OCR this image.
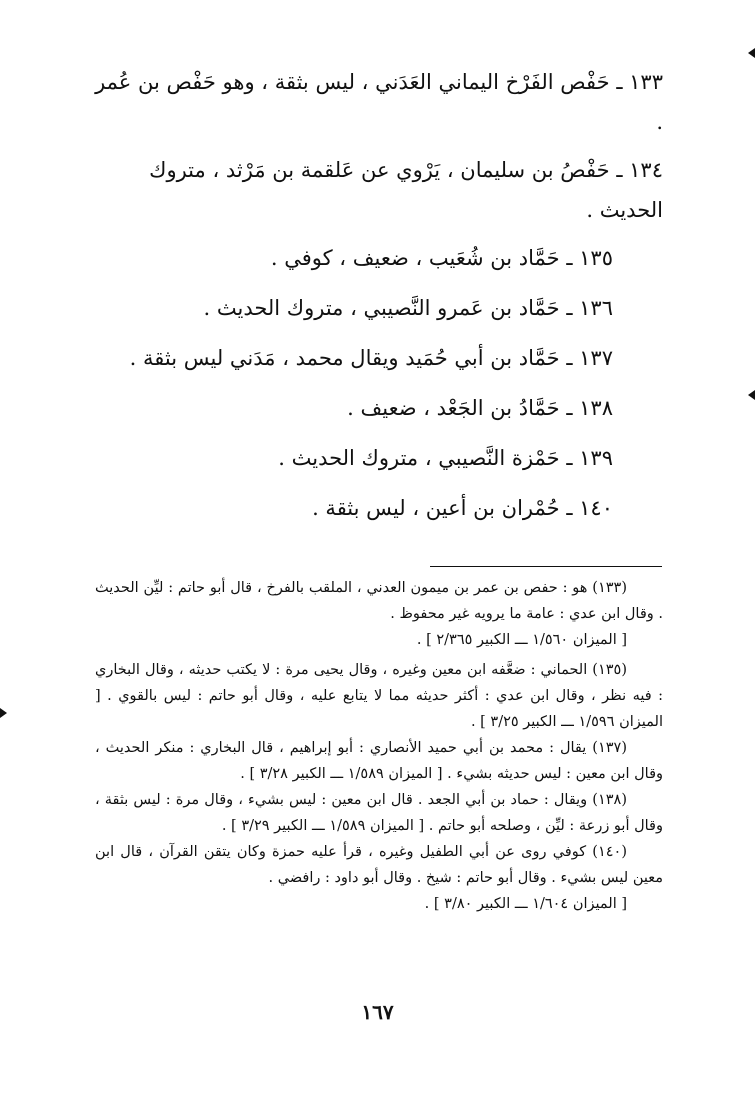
١٣٣ ـ حَفْص الفَرْخ اليماني العَدَني ، ليس بثقة ، وهو حَفْص بن عُمر .

١٣٤ ـ حَفْصُ بن سليمان ، يَرْوي عن عَلقمة بن مَرْثد ، متروك الحديث .

١٣٥ ـ حَمَّاد بن شُعَيب ، ضعيف ، كوفي .

١٣٦ ـ حَمَّاد بن عَمرو النَّصيبي ، متروك الحديث .

١٣٧ ـ حَمَّاد بن أبي حُمَيد ويقال محمد ، مَدَني ليس بثقة .

١٣٨ ـ حَمَّادُ بن الجَعْد ، ضعيف .

١٣٩ ـ حَمْزة النَّصيبي ، متروك الحديث .

١٤٠ ـ حُمْران بن أعين ، ليس بثقة .

(١٣٣) هو : حفص بن عمر بن ميمون العدني ، الملقب بالفرخ ، قال أبو حاتم : ليِّن الحديث . وقال ابن عدي : عامة ما يرويه غير محفوظ .

[ الميزان ١/٥٦٠ ـــ الكبير ٢/٣٦٥ ] .

(١٣٥) الحماني : ضعَّفه ابن معين وغيره ، وقال يحيى مرة : لا يكتب حديثه ، وقال البخاري : فيه نظر ، وقال ابن عدي : أكثر حديثه مما لا يتابع عليه ، وقال أبو حاتم : ليس بالقوي . [ الميزان ١/٥٩٦ ـــ الكبير ٣/٢٥ ] .

(١٣٧) يقال : محمد بن أبي حميد الأنصاري : أبو إبراهيم ، قال البخاري : منكر الحديث ، وقال ابن معين : ليس حديثه بشيء . [ الميزان ١/٥٨٩ ـــ الكبير ٣/٢٨ ] .

(١٣٨) ويقال : حماد بن أبي الجعد . قال ابن معين : ليس بشيء ، وقال مرة : ليس بثقة ، وقال أبو زرعة : ليِّن ، وصلحه أبو حاتم . [ الميزان ١/٥٨٩ ـــ الكبير ٣/٢٩ ] .

(١٤٠) كوفي روى عن أبي الطفيل وغيره ، قرأ عليه حمزة وكان يتقن القرآن ، قال ابن معين ليس بشيء . وقال أبو حاتم : شيخ . وقال أبو داود : رافضي .

[ الميزان ١/٦٠٤ ـــ الكبير ٣/٨٠ ] .

١٦٧
